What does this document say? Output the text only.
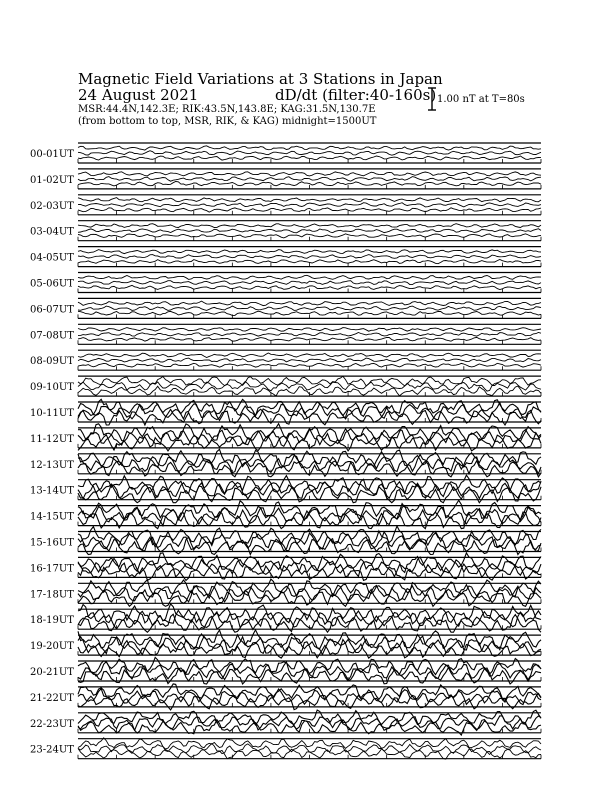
Magnetic Field Variations at 3 Stations in Japan
24 August 2021	dD/dt (filter:40-160s)
MSR:44.4N,142.3E; RIK:43.5N,143.8E; KAG:31.5N,130.7E
(from bottom to top, MSR, RIK, & KAG) midnight=1500UT
1.00 nT at T=80s
00-01UT
01-02UT
02-03UT
03-04UT
04-05UT
05-06UT
06-07UT
07-08UT
08-09UT
09-10UT
10-11UT
11-12UT
12-13UT
13-14UT
14-15UT
15-16UT
16-17UT
17-18UT
18-19UT
19-20UT
20-21UT
21-22UT
22-23UT
23-24UT
